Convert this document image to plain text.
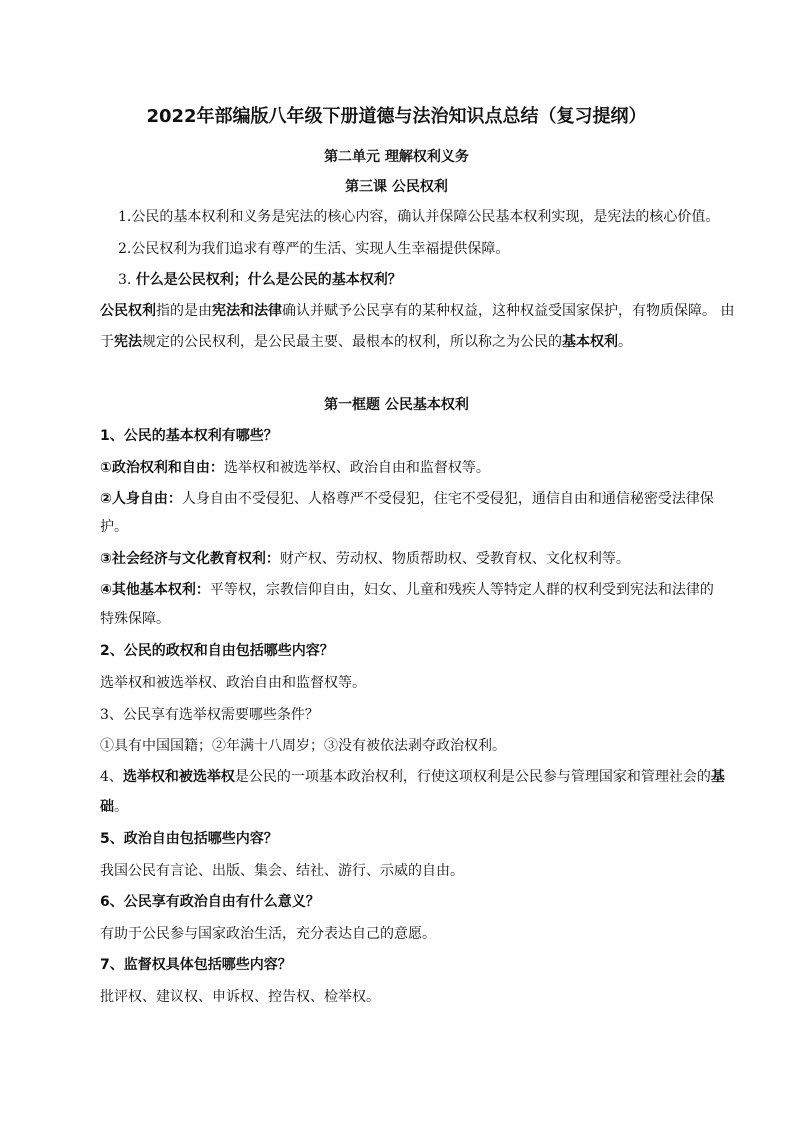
2022年部编版八年级下册道德与法治知识点总结（复习提纲）
第二单元 理解权利义务
第三课 公民权利
1.公民的基本权利和义务是宪法的核心内容，确认并保障公民基本权利实现，是宪法的核心价值。
2.公民权利为我们追求有尊严的生活、实现人生幸福提供保障。
3. 什么是公民权利；什么是公民的基本权利？
公民权利指的是由宪法和法律确认并赋予公民享有的某种权益，这种权益受国家保护，有物质保障。 由
于宪法规定的公民权利，是公民最主要、最根本的权利，所以称之为公民的基本权利。
第一框题 公民基本权利
1、公民的基本权利有哪些？
①政治权利和自由：选举权和被选举权、政治自由和监督权等。
②人身自由：人身自由不受侵犯、人格尊严不受侵犯，住宅不受侵犯，通信自由和通信秘密受法律保
护。
③社会经济与文化教育权利：财产权、劳动权、物质帮助权、受教育权、文化权利等。
④其他基本权利：平等权，宗教信仰自由，妇女、儿童和残疾人等特定人群的权利受到宪法和法律的
特殊保障。
2、公民的政权和自由包括哪些内容？
选举权和被选举权、政治自由和监督权等。
3、公民享有选举权需要哪些条件？
①具有中国国籍；②年满十八周岁；③没有被依法剥夺政治权利。
4、选举权和被选举权是公民的一项基本政治权利，行使这项权利是公民参与管理国家和管理社会的基
础。
5、政治自由包括哪些内容？
我国公民有言论、出版、集会、结社、游行、示威的自由。
6、公民享有政治自由有什么意义？
有助于公民参与国家政治生活，充分表达自己的意愿。
7、监督权具体包括哪些内容？
批评权、建议权、申诉权、控告权、检举权。
